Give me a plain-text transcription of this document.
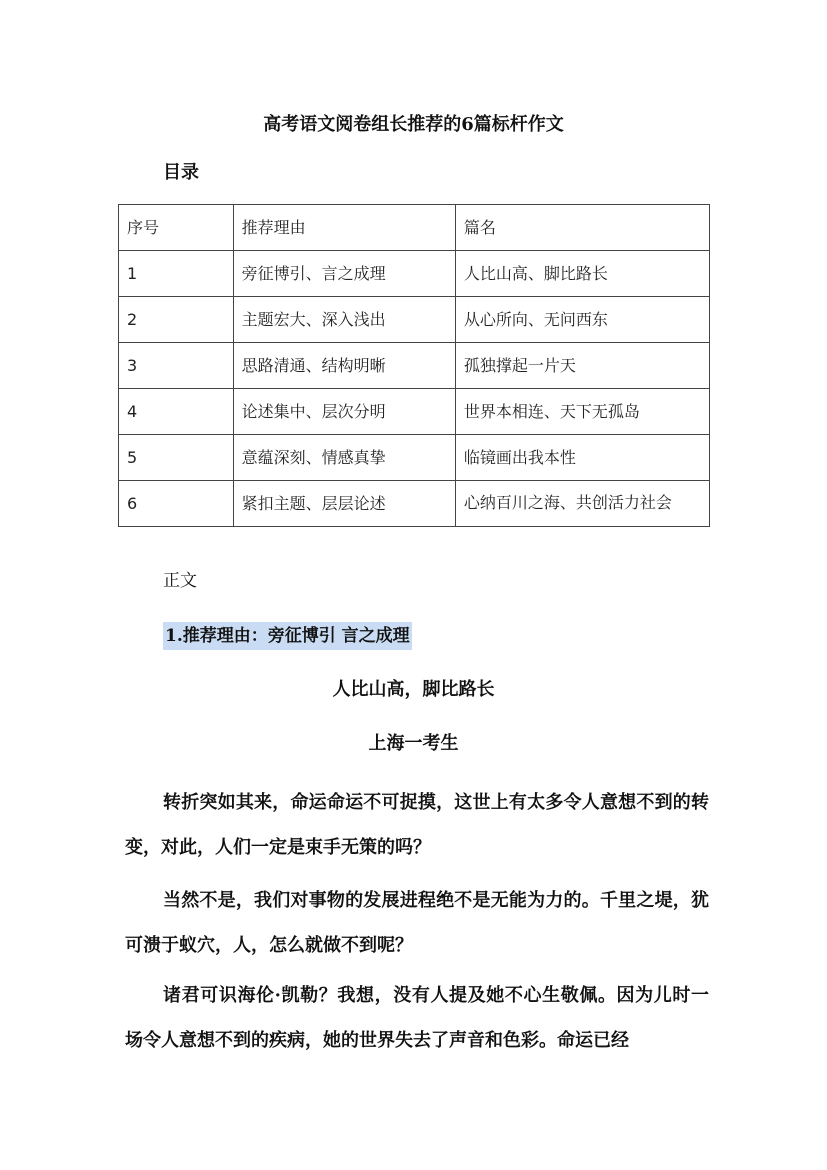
高考语文阅卷组长推荐的6篇标杆作文
目录
序号	推荐理由	篇名
1	旁征博引、言之成理	人比山高、脚比路长
2	主题宏大、深入浅出	从心所向、无问西东
3	思路清通、结构明晰	孤独撑起一片天
4	论述集中、层次分明	世界本相连、天下无孤岛
5	意蕴深刻、情感真挚	临镜画出我本性
6	紧扣主题、层层论述	心纳百川之海、共创活力社会
正文
1.推荐理由：旁征博引 言之成理
人比山高，脚比路长
上海一考生
转折突如其来，命运命运不可捉摸，这世上有太多令人意想不到的转变，对此，人们一定是束手无策的吗？
当然不是，我们对事物的发展进程绝不是无能为力的。千里之堤，犹可溃于蚁穴，人，怎么就做不到呢？
诸君可识海伦·凯勒？我想，没有人提及她不心生敬佩。因为儿时一场令人意想不到的疾病，她的世界失去了声音和色彩。命运已经
